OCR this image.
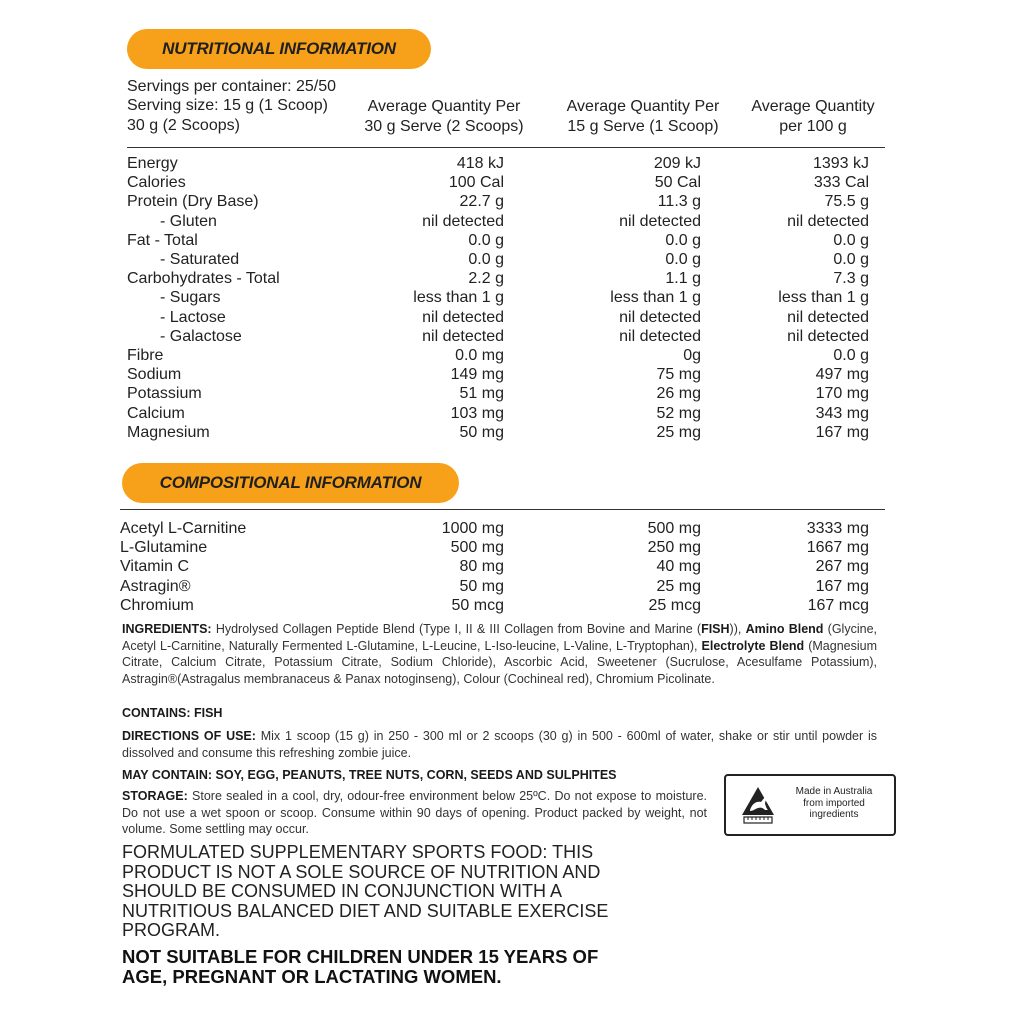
NUTRITIONAL INFORMATION
Servings per container: 25/50
Serving size: 15 g (1 Scoop)
30 g (2 Scoops)
Average Quantity Per
30 g Serve (2 Scoops)
Average Quantity Per
15 g Serve (1 Scoop)
Average Quantity
per 100 g
Energy	418 kJ	209 kJ	1393 kJ
Calories	100 Cal	50 Cal	333 Cal
Protein (Dry Base)	22.7 g	11.3 g	75.5 g
- Gluten	nil detected	nil detected	nil detected
Fat - Total	0.0 g	0.0 g	0.0 g
- Saturated	0.0 g	0.0 g	0.0 g
Carbohydrates - Total	2.2 g	1.1 g	7.3 g
- Sugars	less than 1 g	less than 1 g	less than 1 g
- Lactose	nil detected	nil detected	nil detected
- Galactose	nil detected	nil detected	nil detected
Fibre	0.0 mg	0g	0.0 g
Sodium	149 mg	75 mg	497 mg
Potassium	51 mg	26 mg	170 mg
Calcium	103 mg	52 mg	343 mg
Magnesium	50 mg	25 mg	167 mg
COMPOSITIONAL INFORMATION
Acetyl L-Carnitine	1000 mg	500 mg	3333 mg
L-Glutamine	500 mg	250 mg	1667 mg
Vitamin C	80 mg	40 mg	267 mg
Astragin®	50 mg	25 mg	167 mg
Chromium	50 mcg	25 mcg	167 mcg
INGREDIENTS: Hydrolysed Collagen Peptide Blend (Type I, II & III Collagen from Bovine and Marine (FISH)), Amino Blend (Glycine, Acetyl L-Carnitine, Naturally Fermented L-Glutamine, L-Leucine, L-Iso-leucine, L-Valine, L-Tryptophan), Electrolyte Blend (Magnesium Citrate, Calcium Citrate, Potassium Citrate, Sodium Chloride), Ascorbic Acid, Sweetener (Sucrulose, Acesulfame Potassium), Astragin®(Astragalus membranaceus & Panax notoginseng), Colour (Cochineal red), Chromium Picolinate.
CONTAINS: FISH
DIRECTIONS OF USE: Mix 1 scoop (15 g) in 250 - 300 ml or 2 scoops (30 g) in 500 - 600ml of water, shake or stir until powder is dissolved and consume this refreshing zombie juice.
MAY CONTAIN: SOY, EGG, PEANUTS, TREE NUTS, CORN, SEEDS AND SULPHITES
STORAGE: Store sealed in a cool, dry, odour-free environment below 25ºC. Do not expose to moisture. Do not use a wet spoon or scoop. Consume within 90 days of opening. Product packed by weight, not volume. Some settling may occur.
Made in Australia
from imported
ingredients
FORMULATED SUPPLEMENTARY SPORTS FOOD: THIS PRODUCT IS NOT A SOLE SOURCE OF NUTRITION AND SHOULD BE CONSUMED IN CONJUNCTION WITH A NUTRITIOUS BALANCED DIET AND SUITABLE EXERCISE PROGRAM.
NOT SUITABLE FOR CHILDREN UNDER 15 YEARS OF AGE, PREGNANT OR LACTATING WOMEN.
